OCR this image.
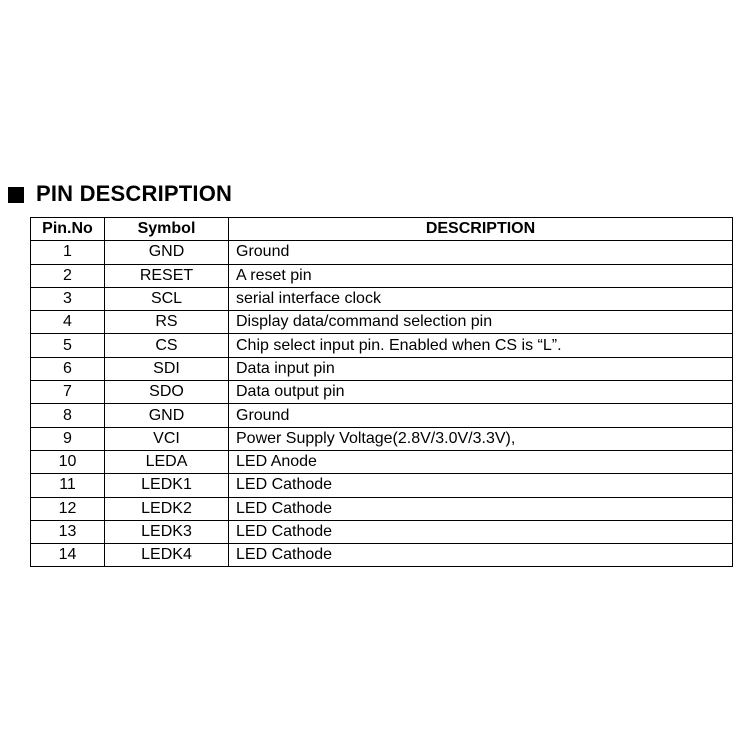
PIN DESCRIPTION
Pin.No	Symbol	DESCRIPTION
1	GND	Ground
2	RESET	A reset pin
3	SCL	serial interface clock
4	RS	Display data/command selection pin
5	CS	Chip select input pin. Enabled when CS is “L”.
6	SDI	Data input pin
7	SDO	Data output pin
8	GND	Ground
9	VCI	Power Supply Voltage(2.8V/3.0V/3.3V),
10	LEDA	LED Anode
11	LEDK1	LED Cathode
12	LEDK2	LED Cathode
13	LEDK3	LED Cathode
14	LEDK4	LED Cathode
